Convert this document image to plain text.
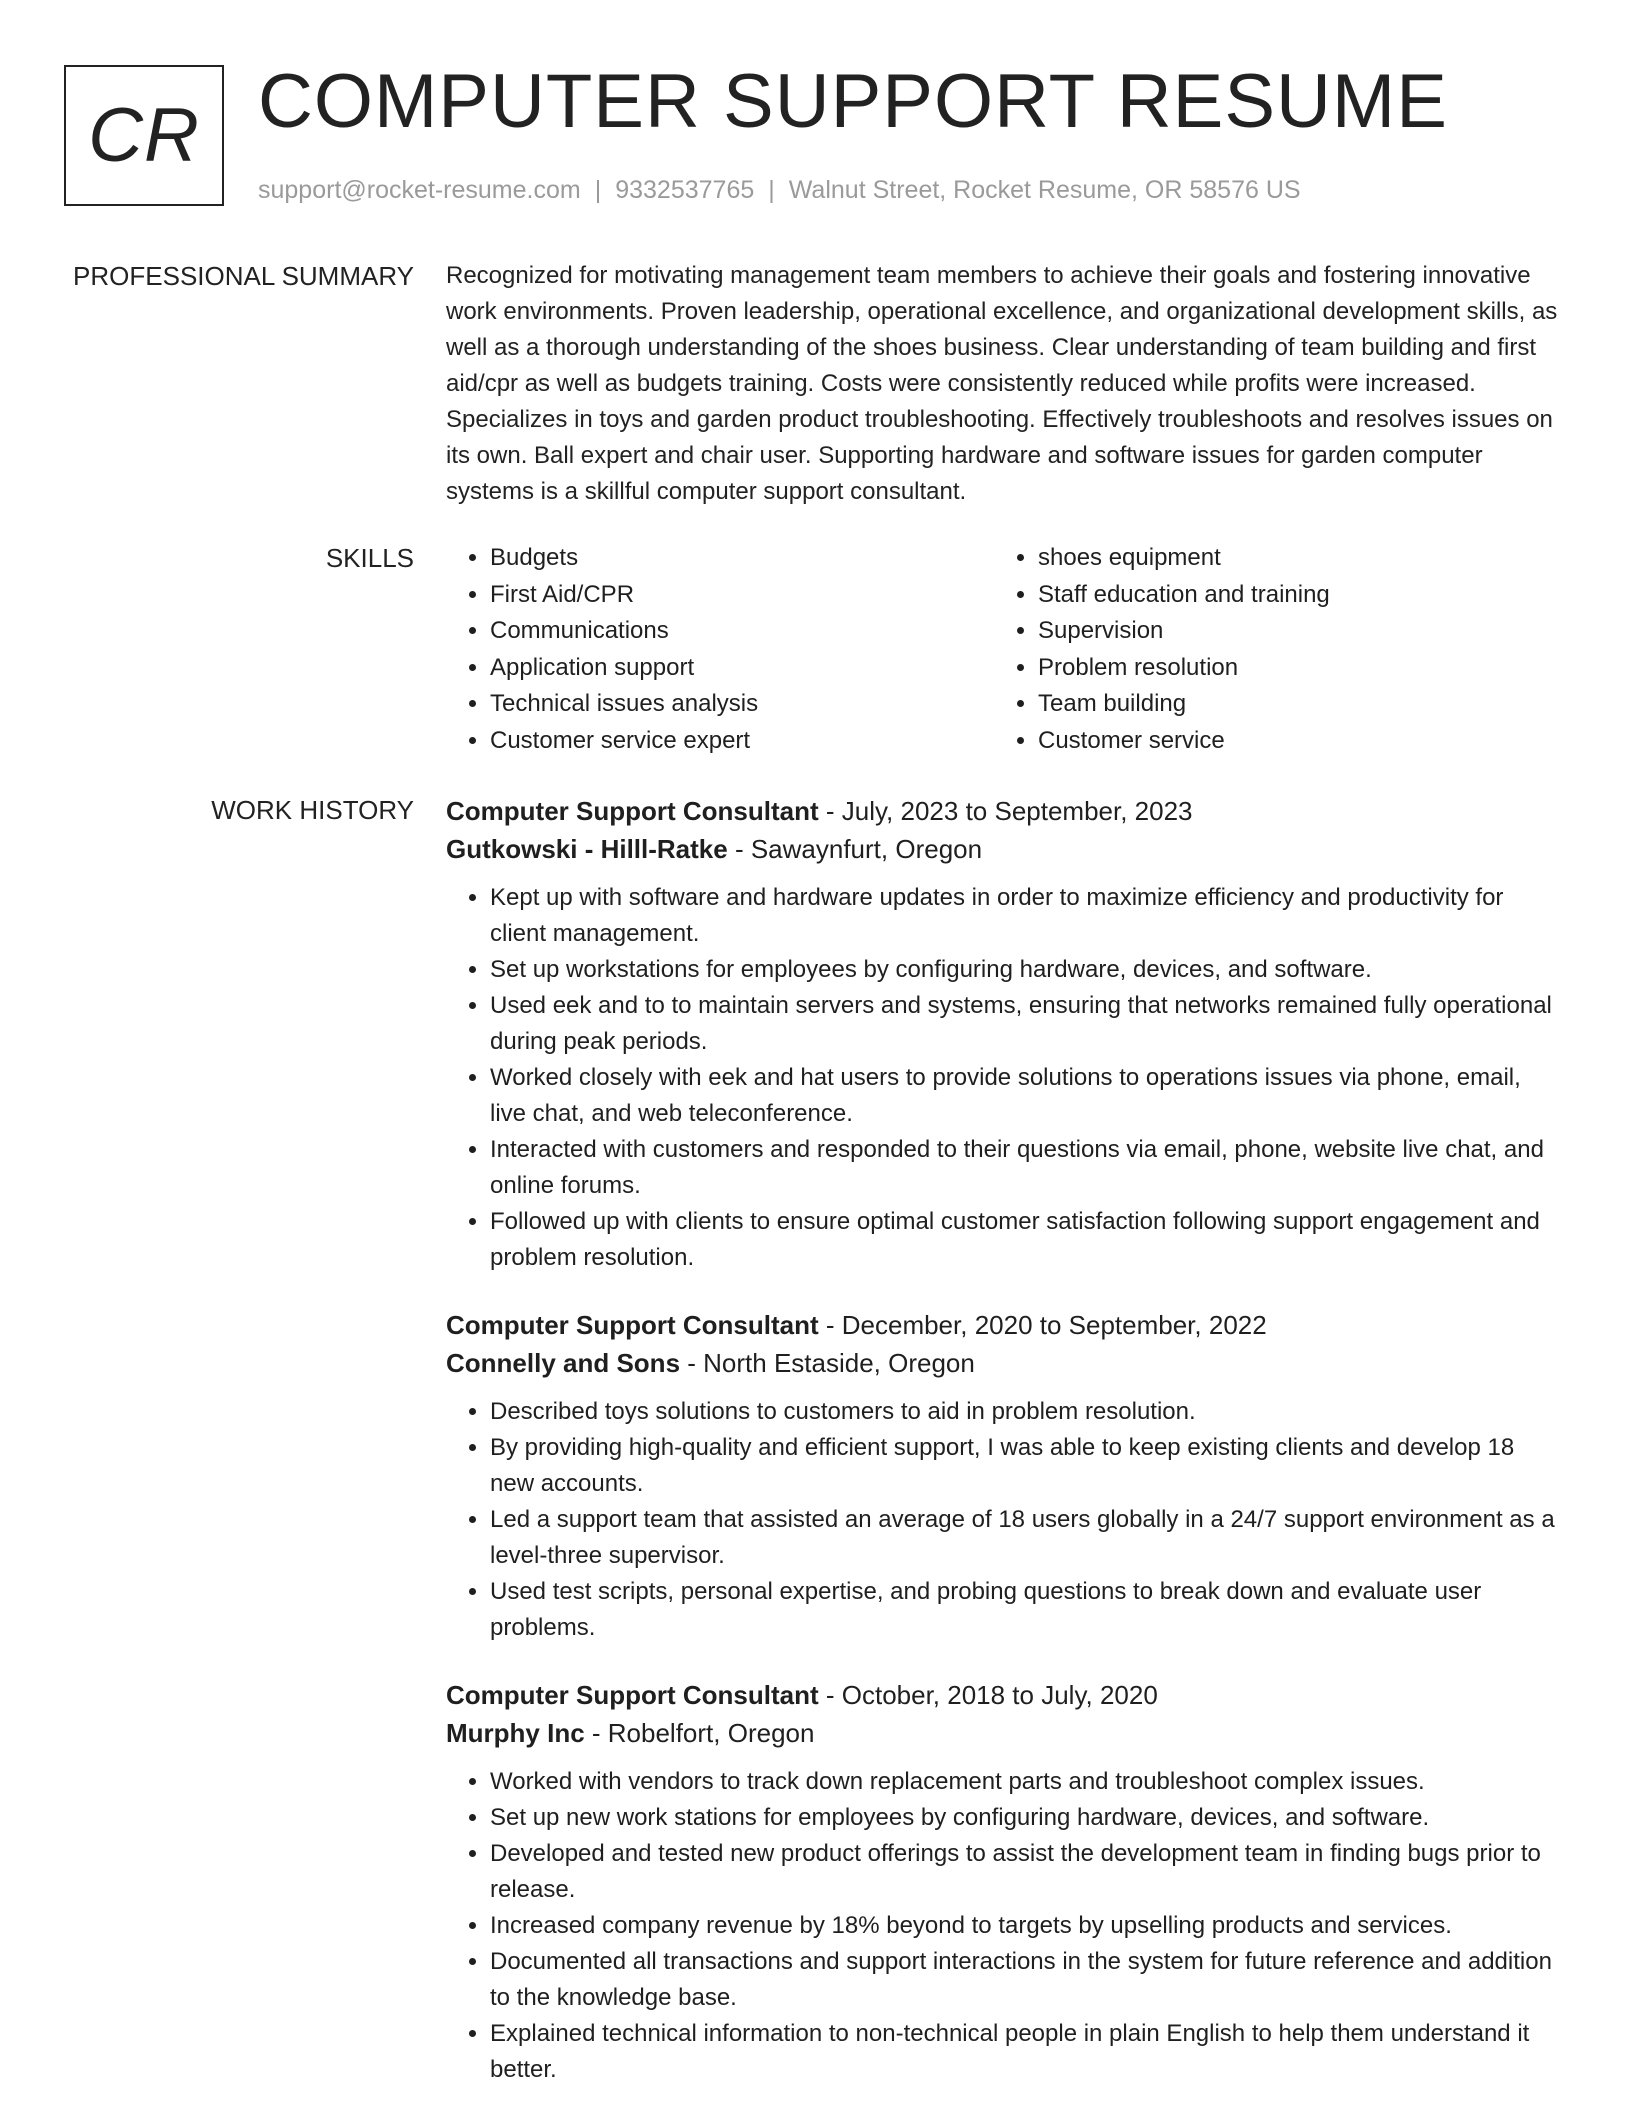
CR COMPUTER SUPPORT RESUME
support@rocket-resume.com | 9332537765 | Walnut Street, Rocket Resume, OR 58576 US
PROFESSIONAL SUMMARY Recognized for motivating management team members to achieve their goals and fostering innovative work environments. Proven leadership, operational excellence, and organizational development skills, as well as a thorough understanding of the shoes business. Clear understanding of team building and first aid/cpr as well as budgets training. Costs were consistently reduced while profits were increased. Specializes in toys and garden product troubleshooting. Effectively troubleshoots and resolves issues on its own. Ball expert and chair user. Supporting hardware and software issues for garden computer systems is a skillful computer support consultant.

SKILLS
•	Budgets
• First Aid/CPR
• Communications
• Application support
• Technical issues analysis
• Customer service expert
• shoes equipment
• Staff education and training
• Supervision
• Problem resolution
• Team building
• Customer service
WORK HISTORY Computer Support Consultant - July, 2023 to September, 2023
Gutkowski - Hilll-Ratke - Sawaynfurt, Oregon
• Kept up with software and hardware updates in order to maximize efficiency and productivity for client management.
• Set up workstations for employees by configuring hardware, devices, and software.
• Used eek and to to maintain servers and systems, ensuring that networks remained fully operational during peak periods.
• Worked closely with eek and hat users to provide solutions to operations issues via phone, email, live chat, and web teleconference.
• Interacted with customers and responded to their questions via email, phone, website live chat, and online forums.
• Followed up with clients to ensure optimal customer satisfaction following support engagement and problem resolution.
Computer Support Consultant - December, 2020 to September, 2022
Connelly and Sons - North Estaside, Oregon
• Described toys solutions to customers to aid in problem resolution.
• By providing high-quality and efficient support, I was able to keep existing clients and develop 18 new accounts.
• Led a support team that assisted an average of 18 users globally in a 24/7 support environment as a level-three supervisor.
• Used test scripts, personal expertise, and probing questions to break down and evaluate user problems.
Computer Support Consultant - October, 2018 to July, 2020
Murphy Inc - Robelfort, Oregon
• Worked with vendors to track down replacement parts and troubleshoot complex issues.
• Set up new work stations for employees by configuring hardware, devices, and software.
• Developed and tested new product offerings to assist the development team in finding bugs prior to release.
• Increased company revenue by 18% beyond to targets by upselling products and services.
• Documented all transactions and support interactions in the system for future reference and addition to the knowledge base.
• Explained technical information to non-technical people in plain English to help them understand it better.
